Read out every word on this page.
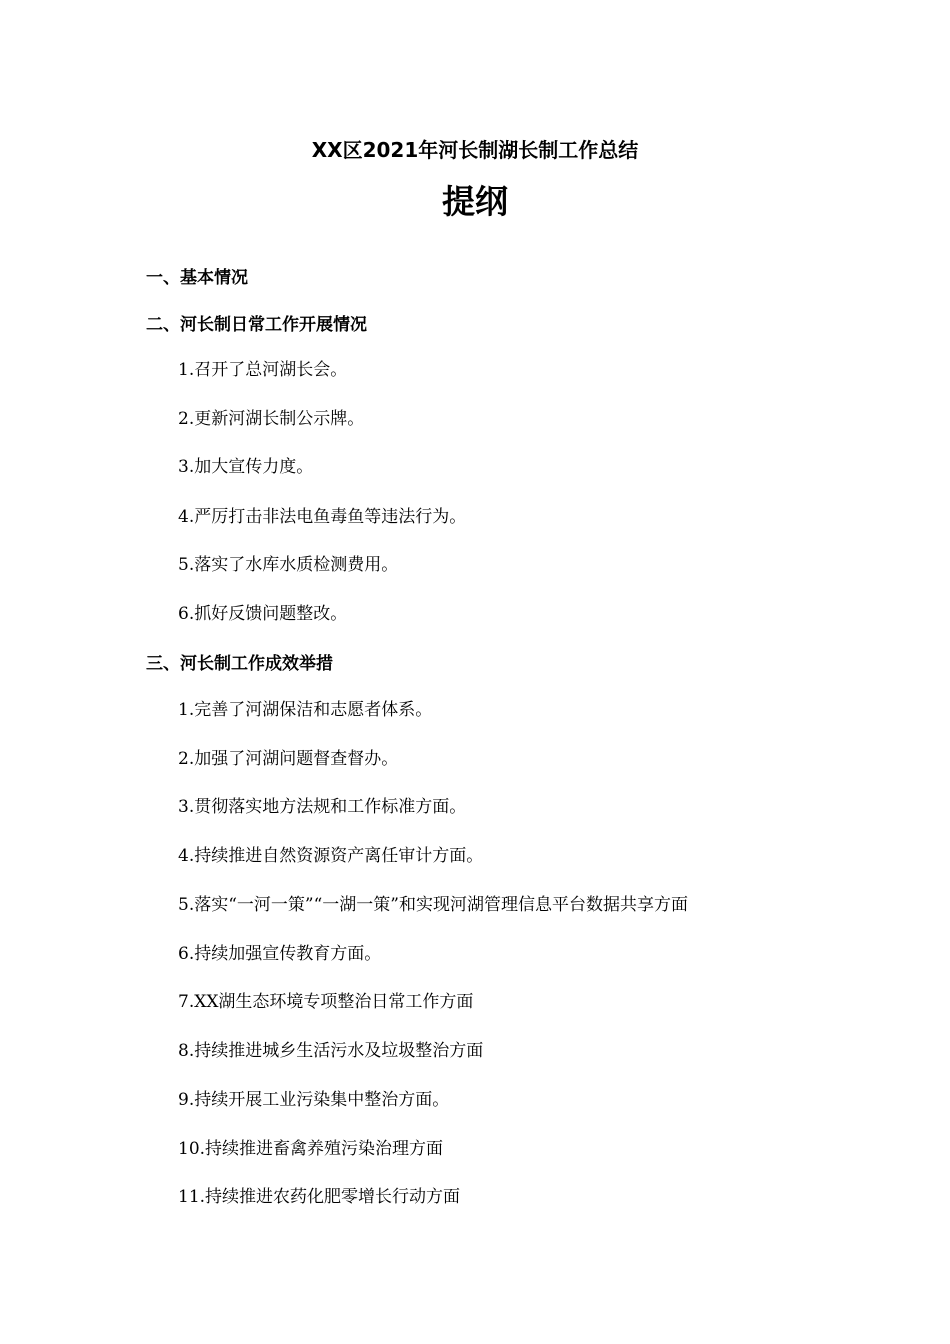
XX区2021年河长制湖长制工作总结
提纲
一、基本情况
二、河长制日常工作开展情况
1.召开了总河湖长会。
2.更新河湖长制公示牌。
3.加大宣传力度。
4.严厉打击非法电鱼毒鱼等违法行为。
5.落实了水库水质检测费用。
6.抓好反馈问题整改。
三、河长制工作成效举措
1.完善了河湖保洁和志愿者体系。
2.加强了河湖问题督查督办。
3.贯彻落实地方法规和工作标准方面。
4.持续推进自然资源资产离任审计方面。
5.落实“一河一策”“一湖一策”和实现河湖管理信息平台数据共享方面
6.持续加强宣传教育方面。
7.XX湖生态环境专项整治日常工作方面
8.持续推进城乡生活污水及垃圾整治方面
9.持续开展工业污染集中整治方面。
10.持续推进畜禽养殖污染治理方面
11.持续推进农药化肥零增长行动方面
